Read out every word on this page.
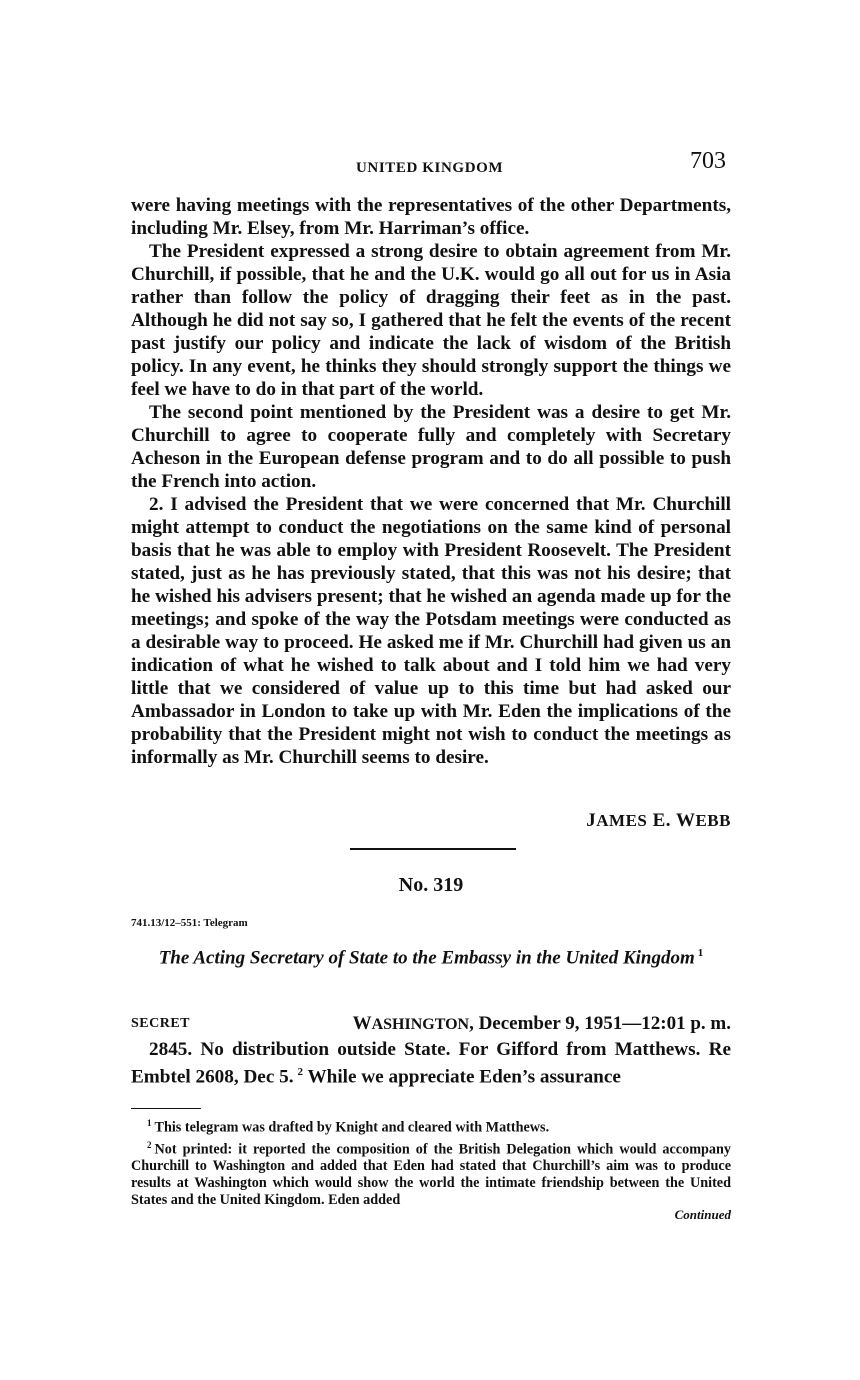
UNITED KINGDOM	703

were having meetings with the representatives of the other Departments, including Mr. Elsey, from Mr. Harriman’s office.

The President expressed a strong desire to obtain agreement from Mr. Churchill, if possible, that he and the U.K. would go all out for us in Asia rather than follow the policy of dragging their feet as in the past. Although he did not say so, I gathered that he felt the events of the recent past justify our policy and indicate the lack of wisdom of the British policy. In any event, he thinks they should strongly support the things we feel we have to do in that part of the world.

The second point mentioned by the President was a desire to get Mr. Churchill to agree to cooperate fully and completely with Secretary Acheson in the European defense program and to do all possible to push the French into action.

2. I advised the President that we were concerned that Mr. Churchill might attempt to conduct the negotiations on the same kind of personal basis that he was able to employ with President Roosevelt. The President stated, just as he has previously stated, that this was not his desire; that he wished his advisers present; that he wished an agenda made up for the meetings; and spoke of the way the Potsdam meetings were conducted as a desirable way to proceed. He asked me if Mr. Churchill had given us an indication of what he wished to talk about and I told him we had very little that we considered of value up to this time but had asked our Ambassador in London to take up with Mr. Eden the implications of the probability that the President might not wish to conduct the meetings as informally as Mr. Churchill seems to desire.

JAMES E. WEBB
No. 319
741.13/12–551: Telegram
The Acting Secretary of State to the Embassy in the United Kingdom $^1$
SECRET	WASHINGTON, December 9, 1951—12:01 p. m.

2845. No distribution outside State. For Gifford from Matthews. Re Embtel 2608, Dec 5. $^2$ While we appreciate Eden’s assurance

$^1$ This telegram was drafted by Knight and cleared with Matthews.

$^2$ Not printed: it reported the composition of the British Delegation which would accompany Churchill to Washington and added that Eden had stated that Churchill’s aim was to produce results at Washington which would show the world the intimate friendship between the United States and the United Kingdom. Eden added

Continued
